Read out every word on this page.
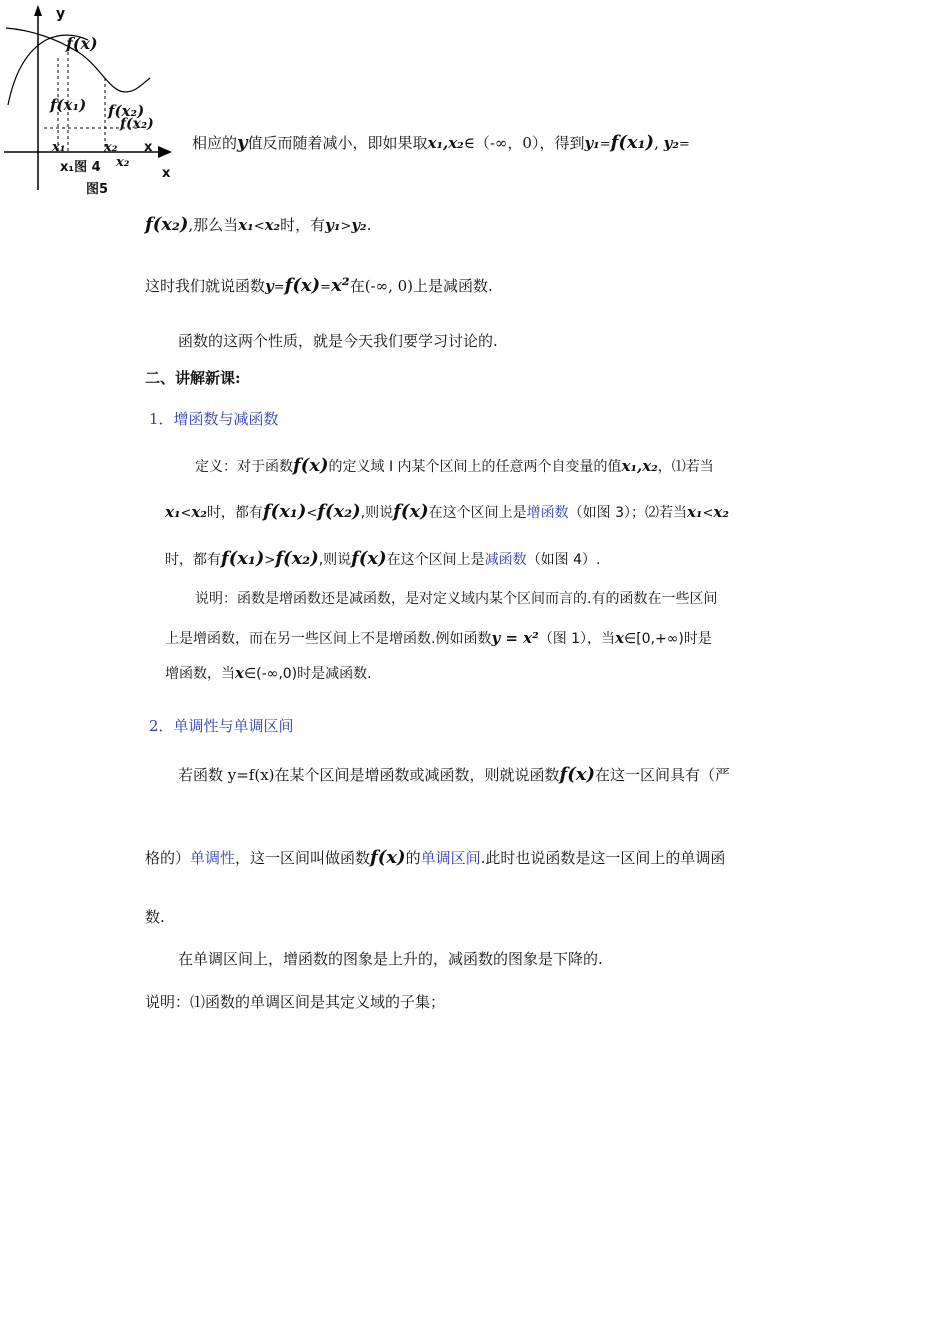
y
f(x)
f(x₁) f(x₂)
f(x₂)
x₁	x₂
x₂
x
x
x₁图 4
图5
相应的y值反而随着减小，即如果取x₁,x₂∈（-∞，0），得到y₁=f(x₁), y₂=
f(x₂),那么当x₁<x₂时，有y₁>y₂.
这时我们就说函数y=f(x)=x²在(-∞, 0)上是减函数.
函数的这两个性质，就是今天我们要学习讨论的.
二、讲解新课:
1．增函数与减函数
定义：对于函数f(x)的定义域 I 内某个区间上的任意两个自变量的值x₁,x₂，⑴若当
x₁<x₂时，都有f(x₁)<f(x₂),则说f(x)在这个区间上是增函数（如图 3）；⑵若当x₁<x₂
时，都有f(x₁)>f(x₂),则说f(x)在这个区间上是减函数（如图 4）.
说明：函数是增函数还是减函数，是对定义域内某个区间而言的.有的函数在一些区间
上是增函数，而在另一些区间上不是增函数.例如函数y = x²（图 1），当x∈[0,+∞)时是
增函数，当x∈(-∞,0)时是减函数.
2．单调性与单调区间
若函数 y=f(x)在某个区间是增函数或减函数，则就说函数f(x)在这一区间具有（严
格的）单调性，这一区间叫做函数f(x)的单调区间.此时也说函数是这一区间上的单调函
数.
在单调区间上，增函数的图象是上升的，减函数的图象是下降的.
说明：⑴函数的单调区间是其定义域的子集；
